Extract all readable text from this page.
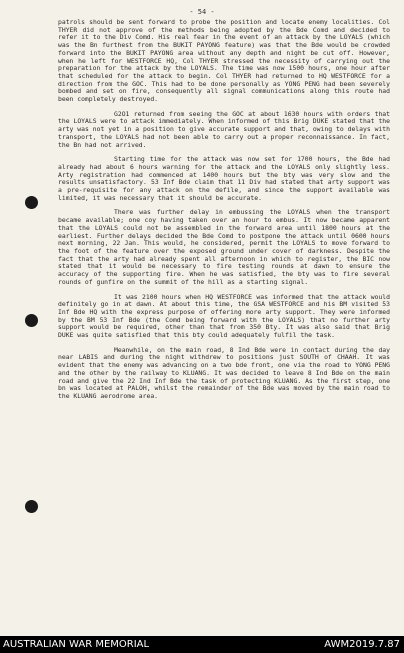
- 54 -

patrols should be sent forward to probe the position and locate enemy localities. Col THYER did not approve of the methods being adopted by the Bde Comd and decided to refer it to the Div Comd. His real fear in the event of an attack by the LOYALS (which was the Bn furthest from the BUKIT PAYONG feature) was that the Bde would be crowded forward into the BUKIT PAYONG area without any depth and night be cut off. However, when he left for WESTFORCE HQ, Col THYER stressed the necessity of carrying out the preparation for the attack by the LOYALS. The time was now 1500 hours, one hour after that scheduled for the attack to begin. Col THYER had returned to HQ WESTFORCE for a direction from the GOC. This had to be done personally as YONG PENG had been severely bombed and set on fire, consequently all signal communications along this route had been completely destroyed.

G2O1 returned from seeing the GOC at about 1630 hours with orders that the LOYALS were to attack immediately. When informed of this Brig DUKE stated that the arty was not yet in a position to give accurate support and that, owing to delays with transport, the LOYALS had not been able to carry out a proper reconnaissance. In fact, the Bn had not arrived.

Starting time for the attack was now set for 1700 hours, the Bde had already had about 6 hours warning for the attack and the LOYALS only slightly less. Arty registration had commenced at 1400 hours but the bty was very slow and the results unsatisfactory. 53 Inf Bde claim that 11 Div had stated that arty support was a pre-requisite for any attack on the defile, and since the support available was limited, it was necessary that it should be accurate.

There was further delay in embussing the LOYALS when the transport became available; one coy having taken over an hour to embus. It now became apparent that the LOYALS could not be assembled in the forward area until 1800 hours at the earliest. Further delays decided the Bde Comd to postpone the attack until 0600 hours next morning, 22 Jan. This would, he considered, permit the LOYALS to move forward to the foot of the feature over the exposed ground under cover of darkness. Despite the fact that the arty had already spent all afternoon in which to register, the BIC now stated that it would be necessary to fire testing rounds at dawn to ensure the accuracy of the supporting fire. When he was satisfied, the bty was to fire several rounds of gunfire on the summit of the hill as a starting signal.

It was 2100 hours when HQ WESTFORCE was informed that the attack would definitely go in at dawn. At about this time, the GSA WESTFORCE and his BM visited 53 Inf Bde HQ with the express purpose of offering more arty support. They were informed by the BM 53 Inf Bde (the Comd being forward with the LOYALS) that no further arty support would be required, other than that from 350 Bty. It was also said that Brig DUKE was quite satisfied that this bty could adequately fulfil the task.

Meanwhile, on the main road, 8 Ind Bde were in contact during the day near LABIS and during the night withdrew to positions just SOUTH of CHAAH. It was evident that the enemy was advancing on a two bde front, one via the road to YONG PENG and the other by the railway to KLUANG. It was decided to leave 8 Ind Bde on the main road and give the 22 Ind Inf Bde the task of protecting KLUANG. As the first step, one bn was located at PALOH, whilst the remainder of the Bde was moved by the main road to the KLUANG aerodrome area.

AUSTRALIAN WAR MEMORIAL	AWM2019.7.87
